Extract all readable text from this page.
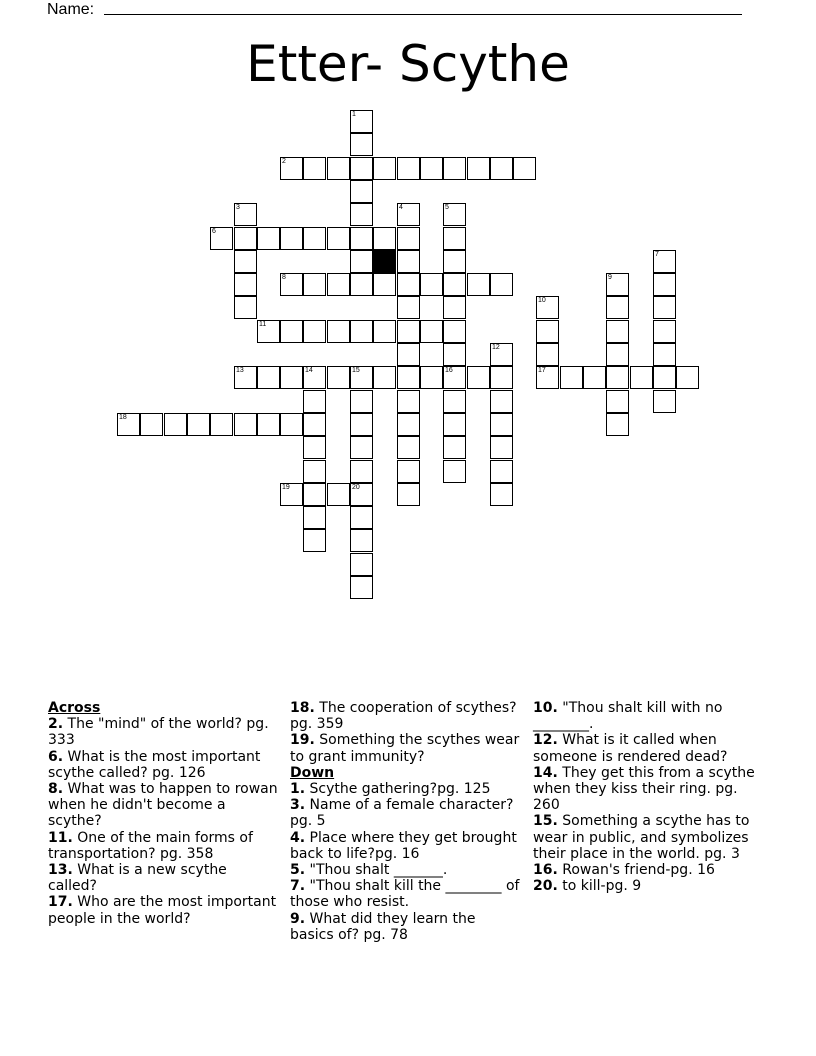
Name:
Etter- Scythe
2
6
8
11
13	14	15	16	17
18
19	20
1
3	4	5
7
9
10
12
Across
2. The "mind" of the world? pg. 333
6. What is the most important scythe called? pg. 126
8. What was to happen to rowan when he didn't become a scythe?
11. One of the main forms of transportation? pg. 358
13. What is a new scythe called?
17. Who are the most important people in the world?
18. The cooperation of scythes? pg. 359
19. Something the scythes wear to grant immunity?
Down
1. Scythe gathering?pg. 125
3. Name of a female character?pg. 5
4. Place where they get brought back to life?pg. 16
5. "Thou shalt _______.
7. "Thou shalt kill the ________ of those who resist.
9. What did they learn the basics of? pg. 78
10. "Thou shalt kill with no ________.
12. What is it called when someone is rendered dead?
14. They get this from a scythe when they kiss their ring. pg. 260
15. Something a scythe has to wear in public, and symbolizes their place in the world. pg. 3
16. Rowan's friend-pg. 16
20. to kill-pg. 9
